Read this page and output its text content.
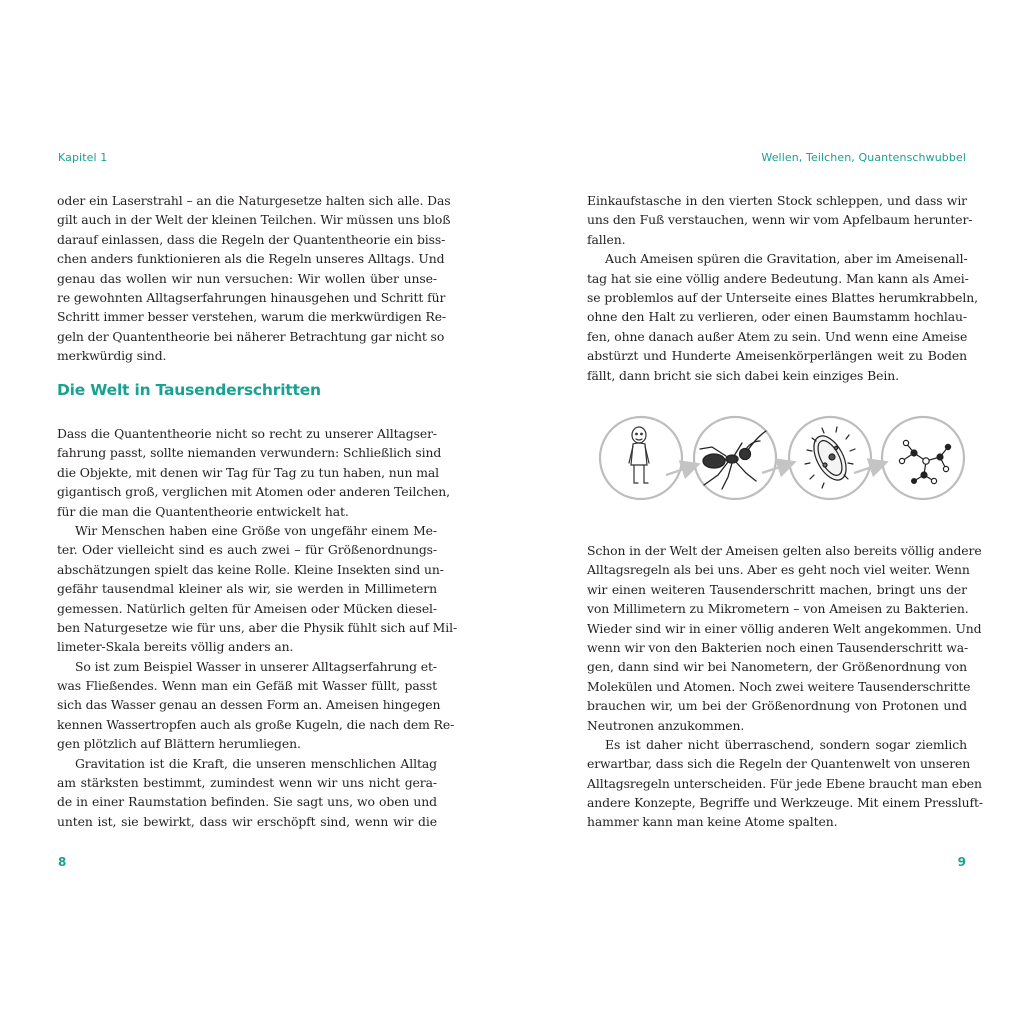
Kapitel 1	Wellen, Teilchen, Quantenschwubbel
oder ein Laserstrahl – an die Naturgesetze halten sich alle. Das
gilt auch in der Welt der kleinen Teilchen. Wir müssen uns bloß
darauf einlassen, dass die Regeln der Quantentheorie ein biss-
chen anders funktionieren als die Regeln unseres Alltags. Und
genau das wollen wir nun versuchen: Wir wollen über unse-
re gewohnten Alltagserfahrungen hinausgehen und Schritt für
Schritt immer besser verstehen, warum die merkwürdigen Re-
geln der Quantentheorie bei näherer Betrachtung gar nicht so
merkwürdig sind.
Die Welt in Tausenderschritten
Dass die Quantentheorie nicht so recht zu unserer Alltagser-
fahrung passt, sollte niemanden verwundern: Schließlich sind
die Objekte, mit denen wir Tag für Tag zu tun haben, nun mal
gigantisch groß, verglichen mit Atomen oder anderen Teilchen,
für die man die Quantentheorie entwickelt hat.
Wir Menschen haben eine Größe von ungefähr einem Me-
ter. Oder vielleicht sind es auch zwei – für Größenordnungs-
abschätzungen spielt das keine Rolle. Kleine Insekten sind un-
gefähr tausendmal kleiner als wir, sie werden in Millimetern
gemessen. Natürlich gelten für Ameisen oder Mücken diesel-
ben Naturgesetze wie für uns, aber die Physik fühlt sich auf Mil-
limeter-Skala bereits völlig anders an.
So ist zum Beispiel Wasser in unserer Alltagserfahrung et-
was Fließendes. Wenn man ein Gefäß mit Wasser füllt, passt
sich das Wasser genau an dessen Form an. Ameisen hingegen
kennen Wassertropfen auch als große Kugeln, die nach dem Re-
gen plötzlich auf Blättern herumliegen.
Gravitation ist die Kraft, die unseren menschlichen Alltag
am stärksten bestimmt, zumindest wenn wir uns nicht gera-
de in einer Raumstation befinden. Sie sagt uns, wo oben und
unten ist, sie bewirkt, dass wir erschöpft sind, wenn wir die
8
Einkaufstasche in den vierten Stock schleppen, und dass wir
uns den Fuß verstauchen, wenn wir vom Apfelbaum herunter-
fallen.
Auch Ameisen spüren die Gravitation, aber im Ameisenall-
tag hat sie eine völlig andere Bedeutung. Man kann als Amei-
se problemlos auf der Unterseite eines Blattes herumkrabbeln,
ohne den Halt zu verlieren, oder einen Baumstamm hochlau-
fen, ohne danach außer Atem zu sein. Und wenn eine Ameise
abstürzt und Hunderte Ameisenkörperlängen weit zu Boden
fällt, dann bricht sie sich dabei kein einziges Bein.
Schon in der Welt der Ameisen gelten also bereits völlig andere
Alltagsregeln als bei uns. Aber es geht noch viel weiter. Wenn
wir einen weiteren Tausenderschritt machen, bringt uns der
von Millimetern zu Mikrometern – von Ameisen zu Bakterien.
Wieder sind wir in einer völlig anderen Welt angekommen. Und
wenn wir von den Bakterien noch einen Tausenderschritt wa-
gen, dann sind wir bei Nanometern, der Größenordnung von
Molekülen und Atomen. Noch zwei weitere Tausenderschritte
brauchen wir, um bei der Größenordnung von Protonen und
Neutronen anzukommen.
Es ist daher nicht überraschend, sondern sogar ziemlich
erwartbar, dass sich die Regeln der Quantenwelt von unseren
Alltagsregeln unterscheiden. Für jede Ebene braucht man eben
andere Konzepte, Begriffe und Werkzeuge. Mit einem Pressluft-
hammer kann man keine Atome spalten.
9
